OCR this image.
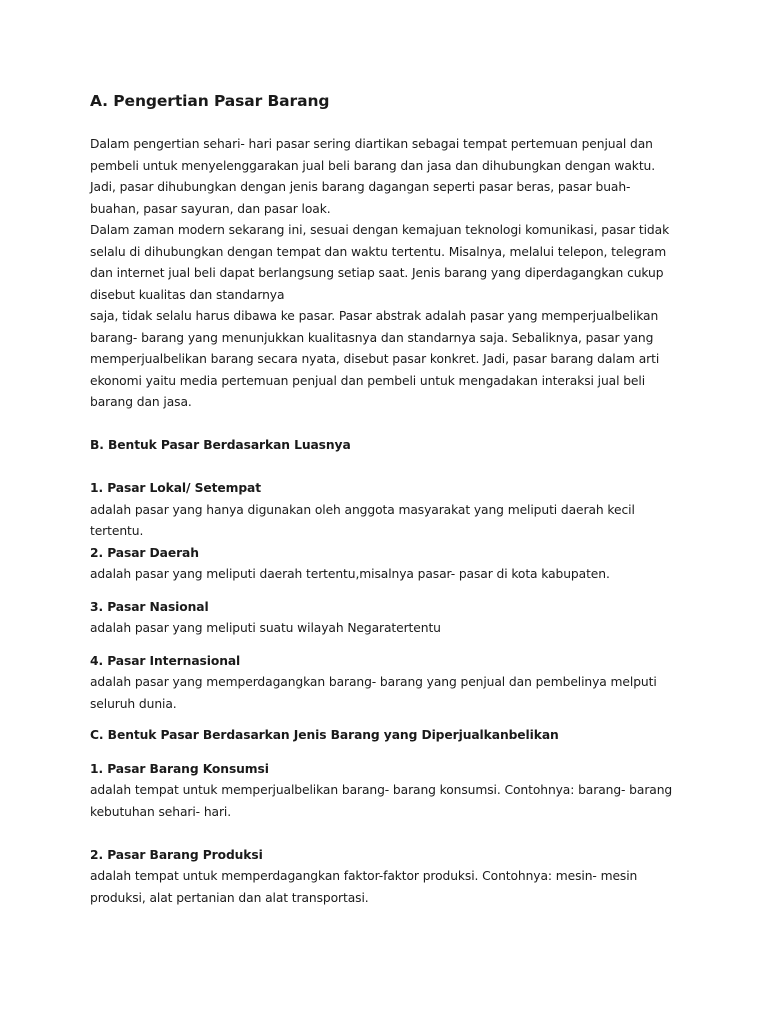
A. Pengertian Pasar Barang

Dalam pengertian sehari- hari pasar sering diartikan sebagai tempat pertemuan penjual dan
pembeli untuk menyelenggarakan jual beli barang dan jasa dan dihubungkan dengan waktu.
Jadi, pasar dihubungkan dengan jenis barang dagangan seperti pasar beras, pasar buah-
buahan, pasar sayuran, dan pasar loak.
Dalam zaman modern sekarang ini, sesuai dengan kemajuan teknologi komunikasi, pasar tidak
selalu di dihubungkan dengan tempat dan waktu tertentu. Misalnya, melalui telepon, telegram
dan internet jual beli dapat berlangsung setiap saat. Jenis barang yang diperdagangkan cukup
disebut kualitas dan standarnya
saja, tidak selalu harus dibawa ke pasar. Pasar abstrak adalah pasar yang memperjualbelikan
barang- barang yang menunjukkan kualitasnya dan standarnya saja. Sebaliknya, pasar yang
memperjualbelikan barang secara nyata, disebut pasar konkret. Jadi, pasar barang dalam arti
ekonomi yaitu media pertemuan penjual dan pembeli untuk mengadakan interaksi jual beli
barang dan jasa.

B. Bentuk Pasar Berdasarkan Luasnya
1. Pasar Lokal/ Setempat
adalah pasar yang hanya digunakan oleh anggota masyarakat yang meliputi daerah kecil
tertentu.
2. Pasar Daerah
adalah pasar yang meliputi daerah tertentu,misalnya pasar- pasar di kota kabupaten.
3. Pasar Nasional
adalah pasar yang meliputi suatu wilayah Negaratertentu
4. Pasar Internasional
adalah pasar yang memperdagangkan barang- barang yang penjual dan pembelinya melputi
seluruh dunia.
C. Bentuk Pasar Berdasarkan Jenis Barang yang Diperjualkanbelikan
1. Pasar Barang Konsumsi
adalah tempat untuk memperjualbelikan barang- barang konsumsi. Contohnya: barang- barang
kebutuhan sehari- hari.
2. Pasar Barang Produksi
adalah tempat untuk memperdagangkan faktor-faktor produksi. Contohnya: mesin- mesin
produksi, alat pertanian dan alat transportasi.
